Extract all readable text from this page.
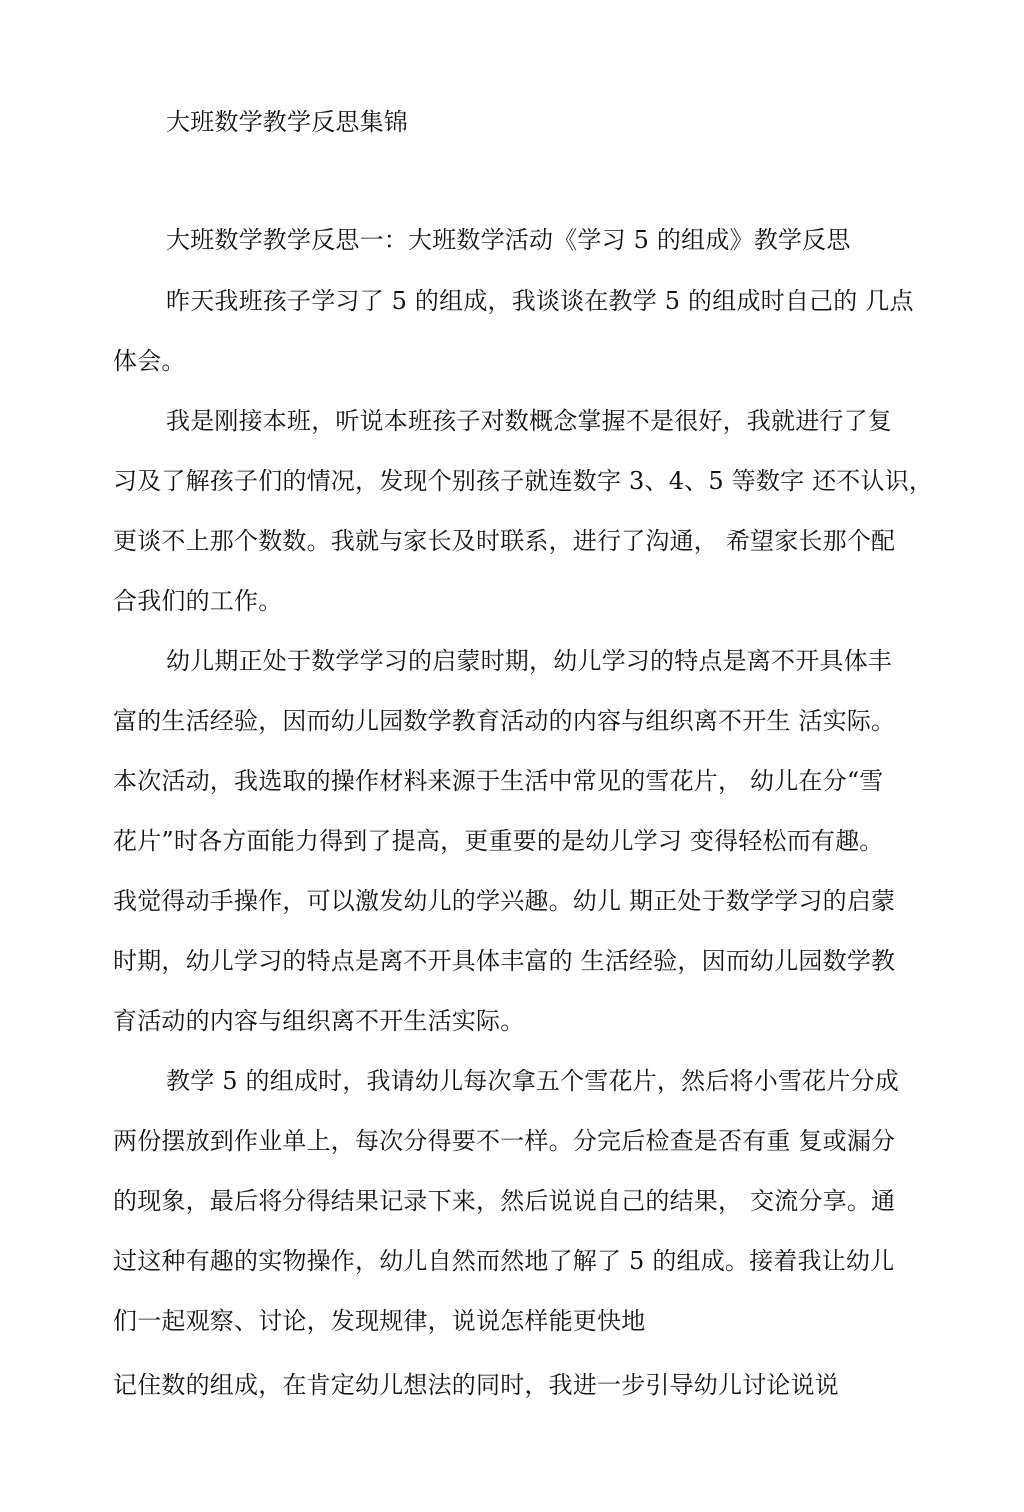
大班数学教学反思集锦
大班数学教学反思一：大班数学活动《学习 5 的组成》教学反思
昨天我班孩子学习了 5 的组成，我谈谈在教学 5 的组成时自己的 几点
体会。
我是刚接本班，听说本班孩子对数概念掌握不是很好，我就进行了复
习及了解孩子们的情况，发现个别孩子就连数字 3、4、5 等数字 还不认识，
更谈不上那个数数。我就与家长及时联系，进行了沟通， 希望家长那个配
合我们的工作。
幼儿期正处于数学学习的启蒙时期，幼儿学习的特点是离不开具体丰
富的生活经验，因而幼儿园数学教育活动的内容与组织离不开生 活实际。
本次活动，我选取的操作材料来源于生活中常见的雪花片， 幼儿在分“雪
花片”时各方面能力得到了提高，更重要的是幼儿学习 变得轻松而有趣。
我觉得动手操作，可以激发幼儿的学兴趣。幼儿 期正处于数学学习的启蒙
时期，幼儿学习的特点是离不开具体丰富的 生活经验，因而幼儿园数学教
育活动的内容与组织离不开生活实际。
教学 5 的组成时，我请幼儿每次拿五个雪花片，然后将小雪花片分成
两份摆放到作业单上，每次分得要不一样。分完后检查是否有重 复或漏分
的现象，最后将分得结果记录下来，然后说说自己的结果， 交流分享。通
过这种有趣的实物操作，幼儿自然而然地了解了 5 的组成。接着我让幼儿
们一起观察、讨论，发现规律，说说怎样能更快地
记住数的组成，在肯定幼儿想法的同时，我进一步引导幼儿讨论说说
